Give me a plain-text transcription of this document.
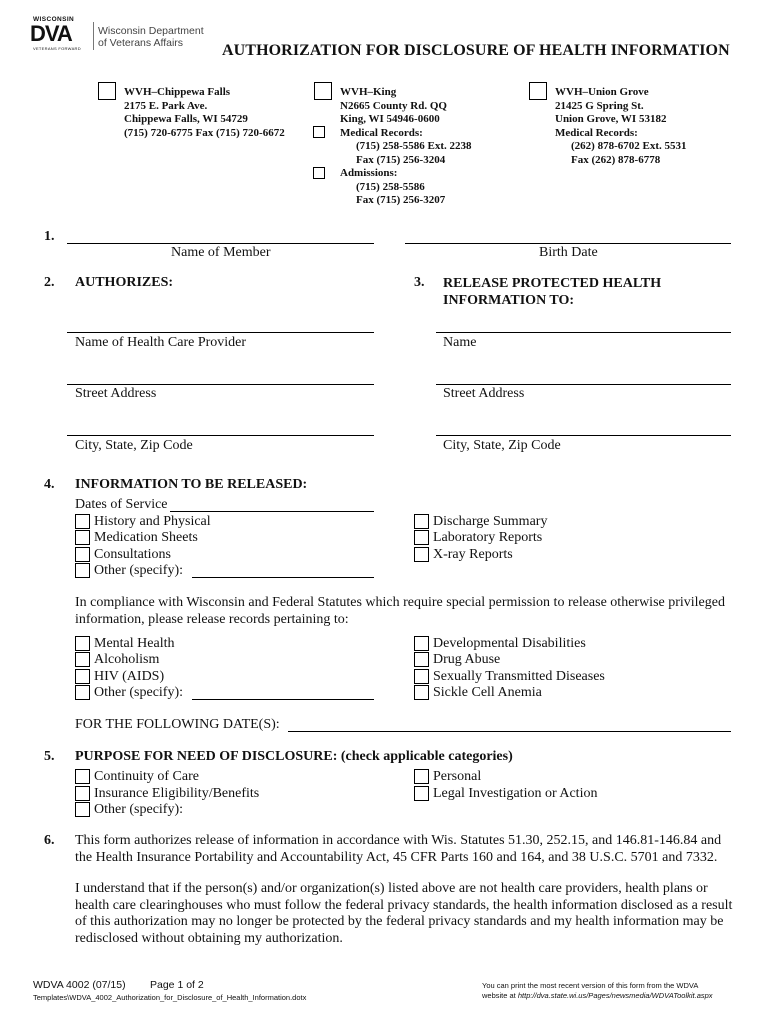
WISCONSIN
DVA
VETERANS FORWARD
Wisconsin Department
of Veterans Affairs	AUTHORIZATION FOR DISCLOSURE OF HEALTH INFORMATION
WVH–Chippewa Falls
2175 E. Park Ave.
Chippewa Falls, WI 54729
(715) 720-6775 Fax (715) 720-6672
WVH–King
N2665 County Rd. QQ
King, WI 54946-0600
Medical Records:
(715) 258-5586 Ext. 2238
Fax (715) 256-3204
Admissions:
(715) 258-5586
Fax (715) 256-3207
WVH–Union Grove
21425 G Spring St.
Union Grove, WI 53182
Medical Records:
(262) 878-6702 Ext. 5531
Fax (262) 878-6778
1.
Name of Member	Birth Date
2. AUTHORIZES:	3. RELEASE PROTECTED HEALTH
INFORMATION TO:
Name of Health Care Provider	Name
Street Address	Street Address
City, State, Zip Code	City, State, Zip Code
4. INFORMATION TO BE RELEASED:
Dates of Service
History and Physical
Medication Sheets
Consultations
Other (specify):
Discharge Summary
Laboratory Reports
X-ray Reports
In compliance with Wisconsin and Federal Statutes which require special permission to release otherwise privileged
information, please release records pertaining to:
Mental Health
Alcoholism
HIV (AIDS)
Other (specify):
Developmental Disabilities
Drug Abuse
Sexually Transmitted Diseases
Sickle Cell Anemia
FOR THE FOLLOWING DATE(S):
5. PURPOSE FOR NEED OF DISCLOSURE: (check applicable categories)
Continuity of Care
Insurance Eligibility/Benefits
Other (specify):
Personal
Legal Investigation or Action
6. This form authorizes release of information in accordance with Wis. Statutes 51.30, 252.15, and 146.81-146.84 and
the Health Insurance Portability and Accountability Act, 45 CFR Parts 160 and 164, and 38 U.S.C. 5701 and 7332.
I understand that if the person(s) and/or organization(s) listed above are not health care providers, health plans or
health care clearinghouses who must follow the federal privacy standards, the health information disclosed as a result
of this authorization may no longer be protected by the federal privacy standards and my health information may be
redisclosed without obtaining my authorization.
WDVA 4002 (07/15) Page 1 of 2
Templates\WDVA_4002_Authorization_for_Disclosure_of_Health_Information.dotx
You can print the most recent version of this form from the WDVA
website at http://dva.state.wi.us/Pages/newsmedia/WDVAToolkit.aspx
